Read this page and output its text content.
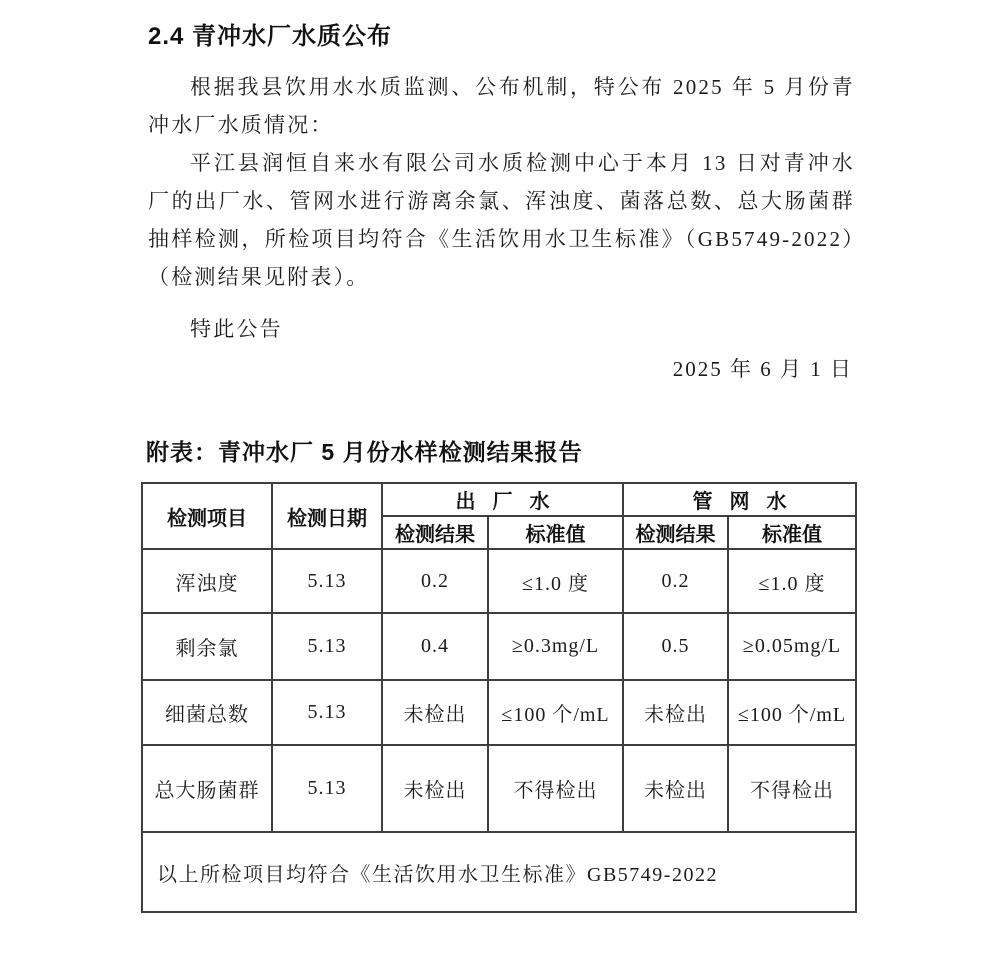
2.4 青冲水厂水质公布

根据我县饮用水水质监测、公布机制，特公布 2025 年 5 月份青冲水厂水质情况：

平江县润恒自来水有限公司水质检测中心于本月 13 日对青冲水厂的出厂水、管网水进行游离余氯、浑浊度、菌落总数、总大肠菌群抽样检测，所检项目均符合《生活饮用水卫生标准》（GB5749-2022）（检测结果见附表）。

特此公告

2025 年 6 月 1 日

附表：青冲水厂 5 月份水样检测结果报告
检测项目	检测日期	出厂水		管网水	
		检测结果	标准值	检测结果	标准值
浑浊度	5.13	0.2	≤1.0 度	0.2	≤1.0 度
剩余氯	5.13	0.4	≥0.3mg/L	0.5	≥0.05mg/L
细菌总数	5.13	未检出	≤100 个/mL	未检出	≤100 个/mL
总大肠菌群	5.13	未检出	不得检出	未检出	不得检出
以上所检项目均符合《生活饮用水卫生标准》GB5749-2022					
